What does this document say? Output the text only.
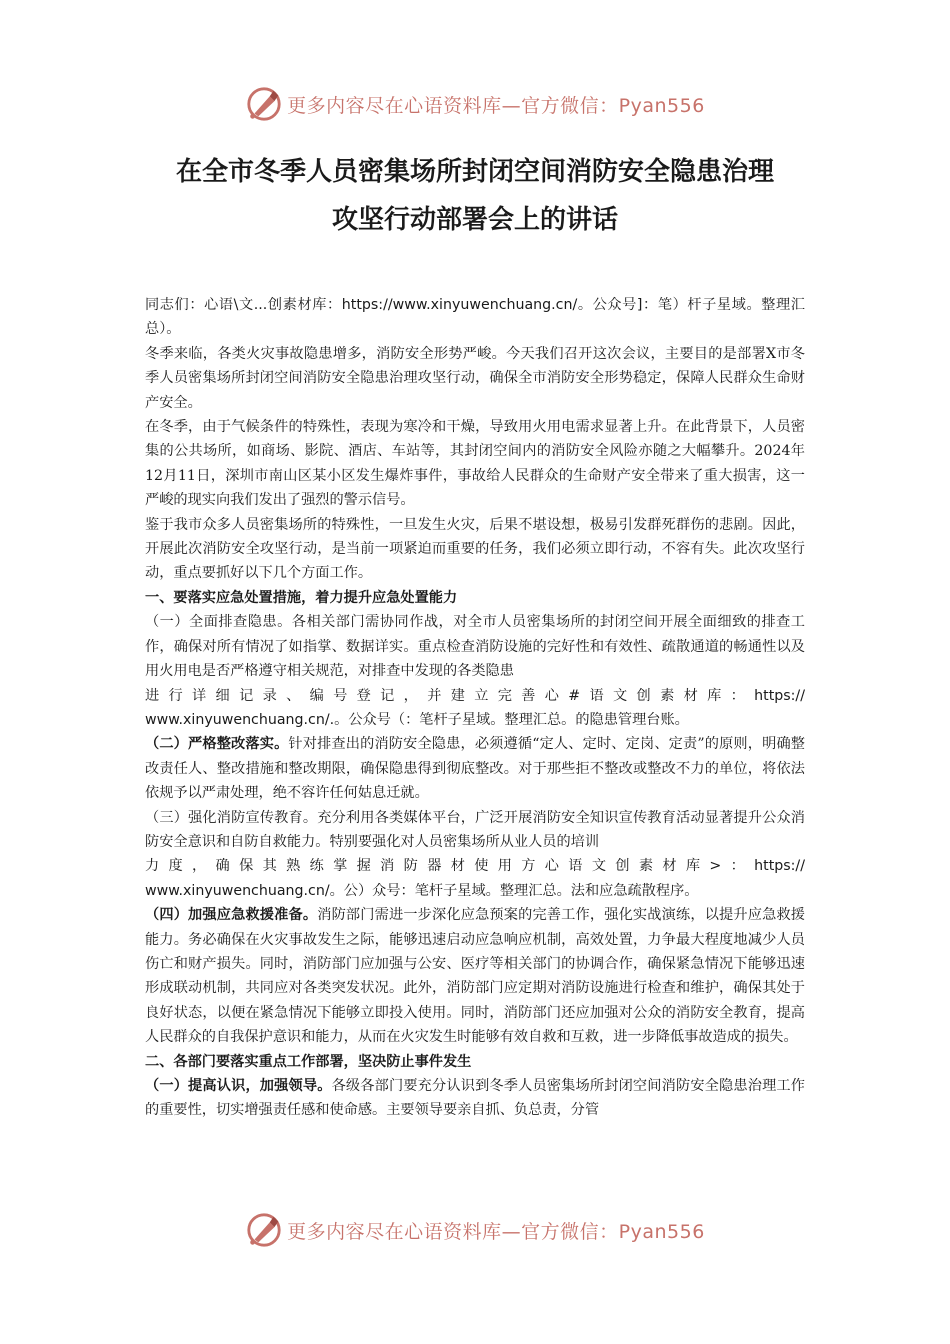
更多内容尽在心语资料库—官方微信：Pyan556
在全市冬季人员密集场所封闭空间消防安全隐患治理
攻坚行动部署会上的讲话

同志们：心语\文...创素材库：https://www.xinyuwenchuang.cn/。公众号]：笔）杆子星域。整理汇总）。

冬季来临，各类火灾事故隐患增多，消防安全形势严峻。今天我们召开这次会议，主要目的是部署X市冬季人员密集场所封闭空间消防安全隐患治理攻坚行动，确保全市消防安全形势稳定，保障人民群众生命财产安全。

在冬季，由于气候条件的特殊性，表现为寒冷和干燥，导致用火用电需求显著上升。在此背景下，人员密集的公共场所，如商场、影院、酒店、车站等，其封闭空间内的消防安全风险亦随之大幅攀升。2024年12月11日，深圳市南山区某小区发生爆炸事件，事故给人民群众的生命财产安全带来了重大损害，这一严峻的现实向我们发出了强烈的警示信号。

鉴于我市众多人员密集场所的特殊性，一旦发生火灾，后果不堪设想，极易引发群死群伤的悲剧。因此，开展此次消防安全攻坚行动，是当前一项紧迫而重要的任务，我们必须立即行动，不容有失。此次攻坚行动，重点要抓好以下几个方面工作。

一、要落实应急处置措施，着力提升应急处置能力

（一）全面排查隐患。各相关部门需协同作战，对全市人员密集场所的封闭空间开展全面细致的排查工作，确保对所有情况了如指掌、数据详实。重点检查消防设施的完好性和有效性、疏散通道的畅通性以及用火用电是否严格遵守相关规范，对排查中发现的各类隐患

进行详细记录、编号登记，并建立完善心#语文创素材库：https://

www.xinyuwenchuang.cn/.。公众号（：笔杆子星域。整理汇总。的隐患管理台账。

（二）严格整改落实。针对排查出的消防安全隐患，必须遵循“定人、定时、定岗、定责”的原则，明确整改责任人、整改措施和整改期限，确保隐患得到彻底整改。对于那些拒不整改或整改不力的单位，将依法依规予以严肃处理，绝不容许任何姑息迁就。

（三）强化消防宣传教育。充分利用各类媒体平台，广泛开展消防安全知识宣传教育活动显著提升公众消防安全意识和自防自救能力。特别要强化对人员密集场所从业人员的培训

力度，确保其熟练掌握消防器材使用方心语文创素材库>：https://

www.xinyuwenchuang.cn/。公）众号：笔杆子星域。整理汇总。法和应急疏散程序。

（四）加强应急救援准备。消防部门需进一步深化应急预案的完善工作，强化实战演练，以提升应急救援能力。务必确保在火灾事故发生之际，能够迅速启动应急响应机制，高效处置，力争最大程度地减少人员伤亡和财产损失。同时，消防部门应加强与公安、医疗等相关部门的协调合作，确保紧急情况下能够迅速形成联动机制，共同应对各类突发状况。此外，消防部门应定期对消防设施进行检查和维护，确保其处于良好状态，以便在紧急情况下能够立即投入使用。同时，消防部门还应加强对公众的消防安全教育，提高人民群众的自我保护意识和能力，从而在火灾发生时能够有效自救和互救，进一步降低事故造成的损失。

二、各部门要落实重点工作部署，坚决防止事件发生

（一）提高认识，加强领导。各级各部门要充分认识到冬季人员密集场所封闭空间消防安全隐患治理工作的重要性，切实增强责任感和使命感。主要领导要亲自抓、负总责，分管

更多内容尽在心语资料库—官方微信：Pyan556
